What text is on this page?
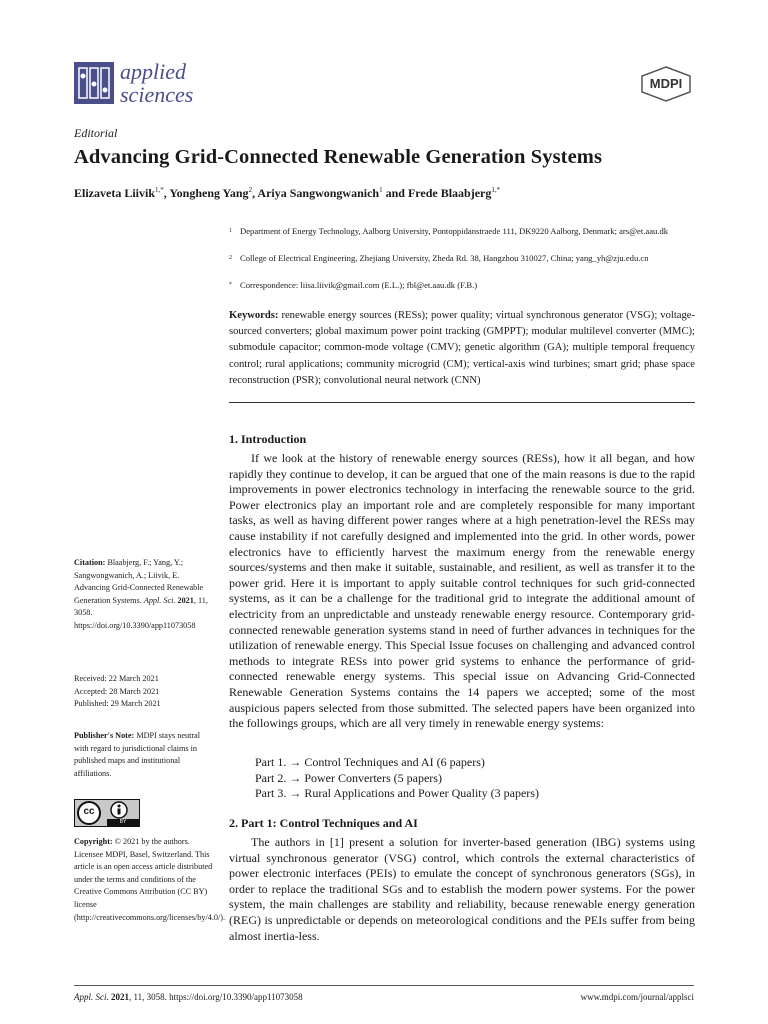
applied
sciences	MDPI
Editorial
Advancing Grid-Connected Renewable Generation Systems
Elizaveta Liivik$^{1,*}$, Yongheng Yang$^2$, Ariya Sangwongwanich$^1$ and Frede Blaabjerg$^{1,*}$
1 Department of Energy Technology, Aalborg University, Pontoppidanstraede 111, DK9220 Aalborg, Denmark; ars@et.aau.dk
2 College of Electrical Engineering, Zhejiang University, Zheda Rd. 38, Hangzhou 310027, China; yang_yh@zju.edu.cn
* Correspondence: liisa.liivik@gmail.com (E.L.); fbl@et.aau.dk (F.B.)
Keywords: renewable energy sources (RESs); power quality; virtual synchronous generator (VSG); voltage-sourced converters; global maximum power point tracking (GMPPT); modular multilevel converter (MMC); submodule capacitor; common-mode voltage (CMV); genetic algorithm (GA); multiple temporal frequency control; rural applications; community microgrid (CM); vertical-axis wind turbines; smart grid; phase space reconstruction (PSR); convolutional neural network (CNN)
1. Introduction
If we look at the history of renewable energy sources (RESs), how it all began, and how rapidly they continue to develop, it can be argued that one of the main reasons is due to the rapid improvements in power electronics technology in interfacing the renewable source to the grid. Power electronics play an important role and are completely responsible for many important tasks, as well as having different power ranges where at a high penetration-level the RESs may cause instability if not carefully designed and implemented into the grid. In other words, power electronics have to efficiently harvest the maximum energy from the renewable energy sources/systems and then make it suitable, sustainable, and resilient, as well as transfer it to the power grid. Here it is important to apply suitable control techniques for such grid-connected systems, as it can be a challenge for the traditional grid to integrate the additional amount of electricity from an unpredictable and unsteady renewable energy resource. Contemporary grid-connected renewable generation systems stand in need of further advances in techniques for the utilization of renewable energy. This Special Issue focuses on challenging and advanced control methods to integrate RESs into power grid systems to enhance the performance of grid-connected renewable energy systems. This special issue on Advancing Grid-Connected Renewable Generation Systems contains the 14 papers we accepted; some of the most auspicious papers selected from those submitted. The selected papers have been organized into the followings groups, which are all very timely in renewable energy systems:
Part 1. → Control Techniques and AI (6 papers)
Part 2. → Power Converters (5 papers)
Part 3. → Rural Applications and Power Quality (3 papers)
2. Part 1: Control Techniques and AI
The authors in [1] present a solution for inverter-based generation (IBG) systems using virtual synchronous generator (VSG) control, which controls the external characteristics of power electronic interfaces (PEIs) to emulate the concept of synchronous generators (SGs), in order to replace the traditional SGs and to establish the modern power systems. For the power system, the main challenges are stability and reliability, because renewable energy generation (REG) is unpredictable or depends on meteorological conditions and the PEIs suffer from being almost inertia-less.
Citation: Blaabjerg, F.; Yang, Y.; Sangwongwanich, A.; Liivik, E. Advancing Grid-Connected Renewable Generation Systems. Appl. Sci. 2021, 11, 3058. https://doi.org/10.3390/app11073058
Received: 22 March 2021
Accepted: 28 March 2021
Published: 29 March 2021
Publisher's Note: MDPI stays neutral with regard to jurisdictional claims in published maps and institutional affiliations.
cc
BY
Copyright: © 2021 by the authors. Licensee MDPI, Basel, Switzerland. This article is an open access article distributed under the terms and conditions of the Creative Commons Attribution (CC BY) license (http://creativecommons.org/licenses/by/4.0/).
Appl. Sci. 2021, 11, 3058. https://doi.org/10.3390/app11073058	www.mdpi.com/journal/applsci
